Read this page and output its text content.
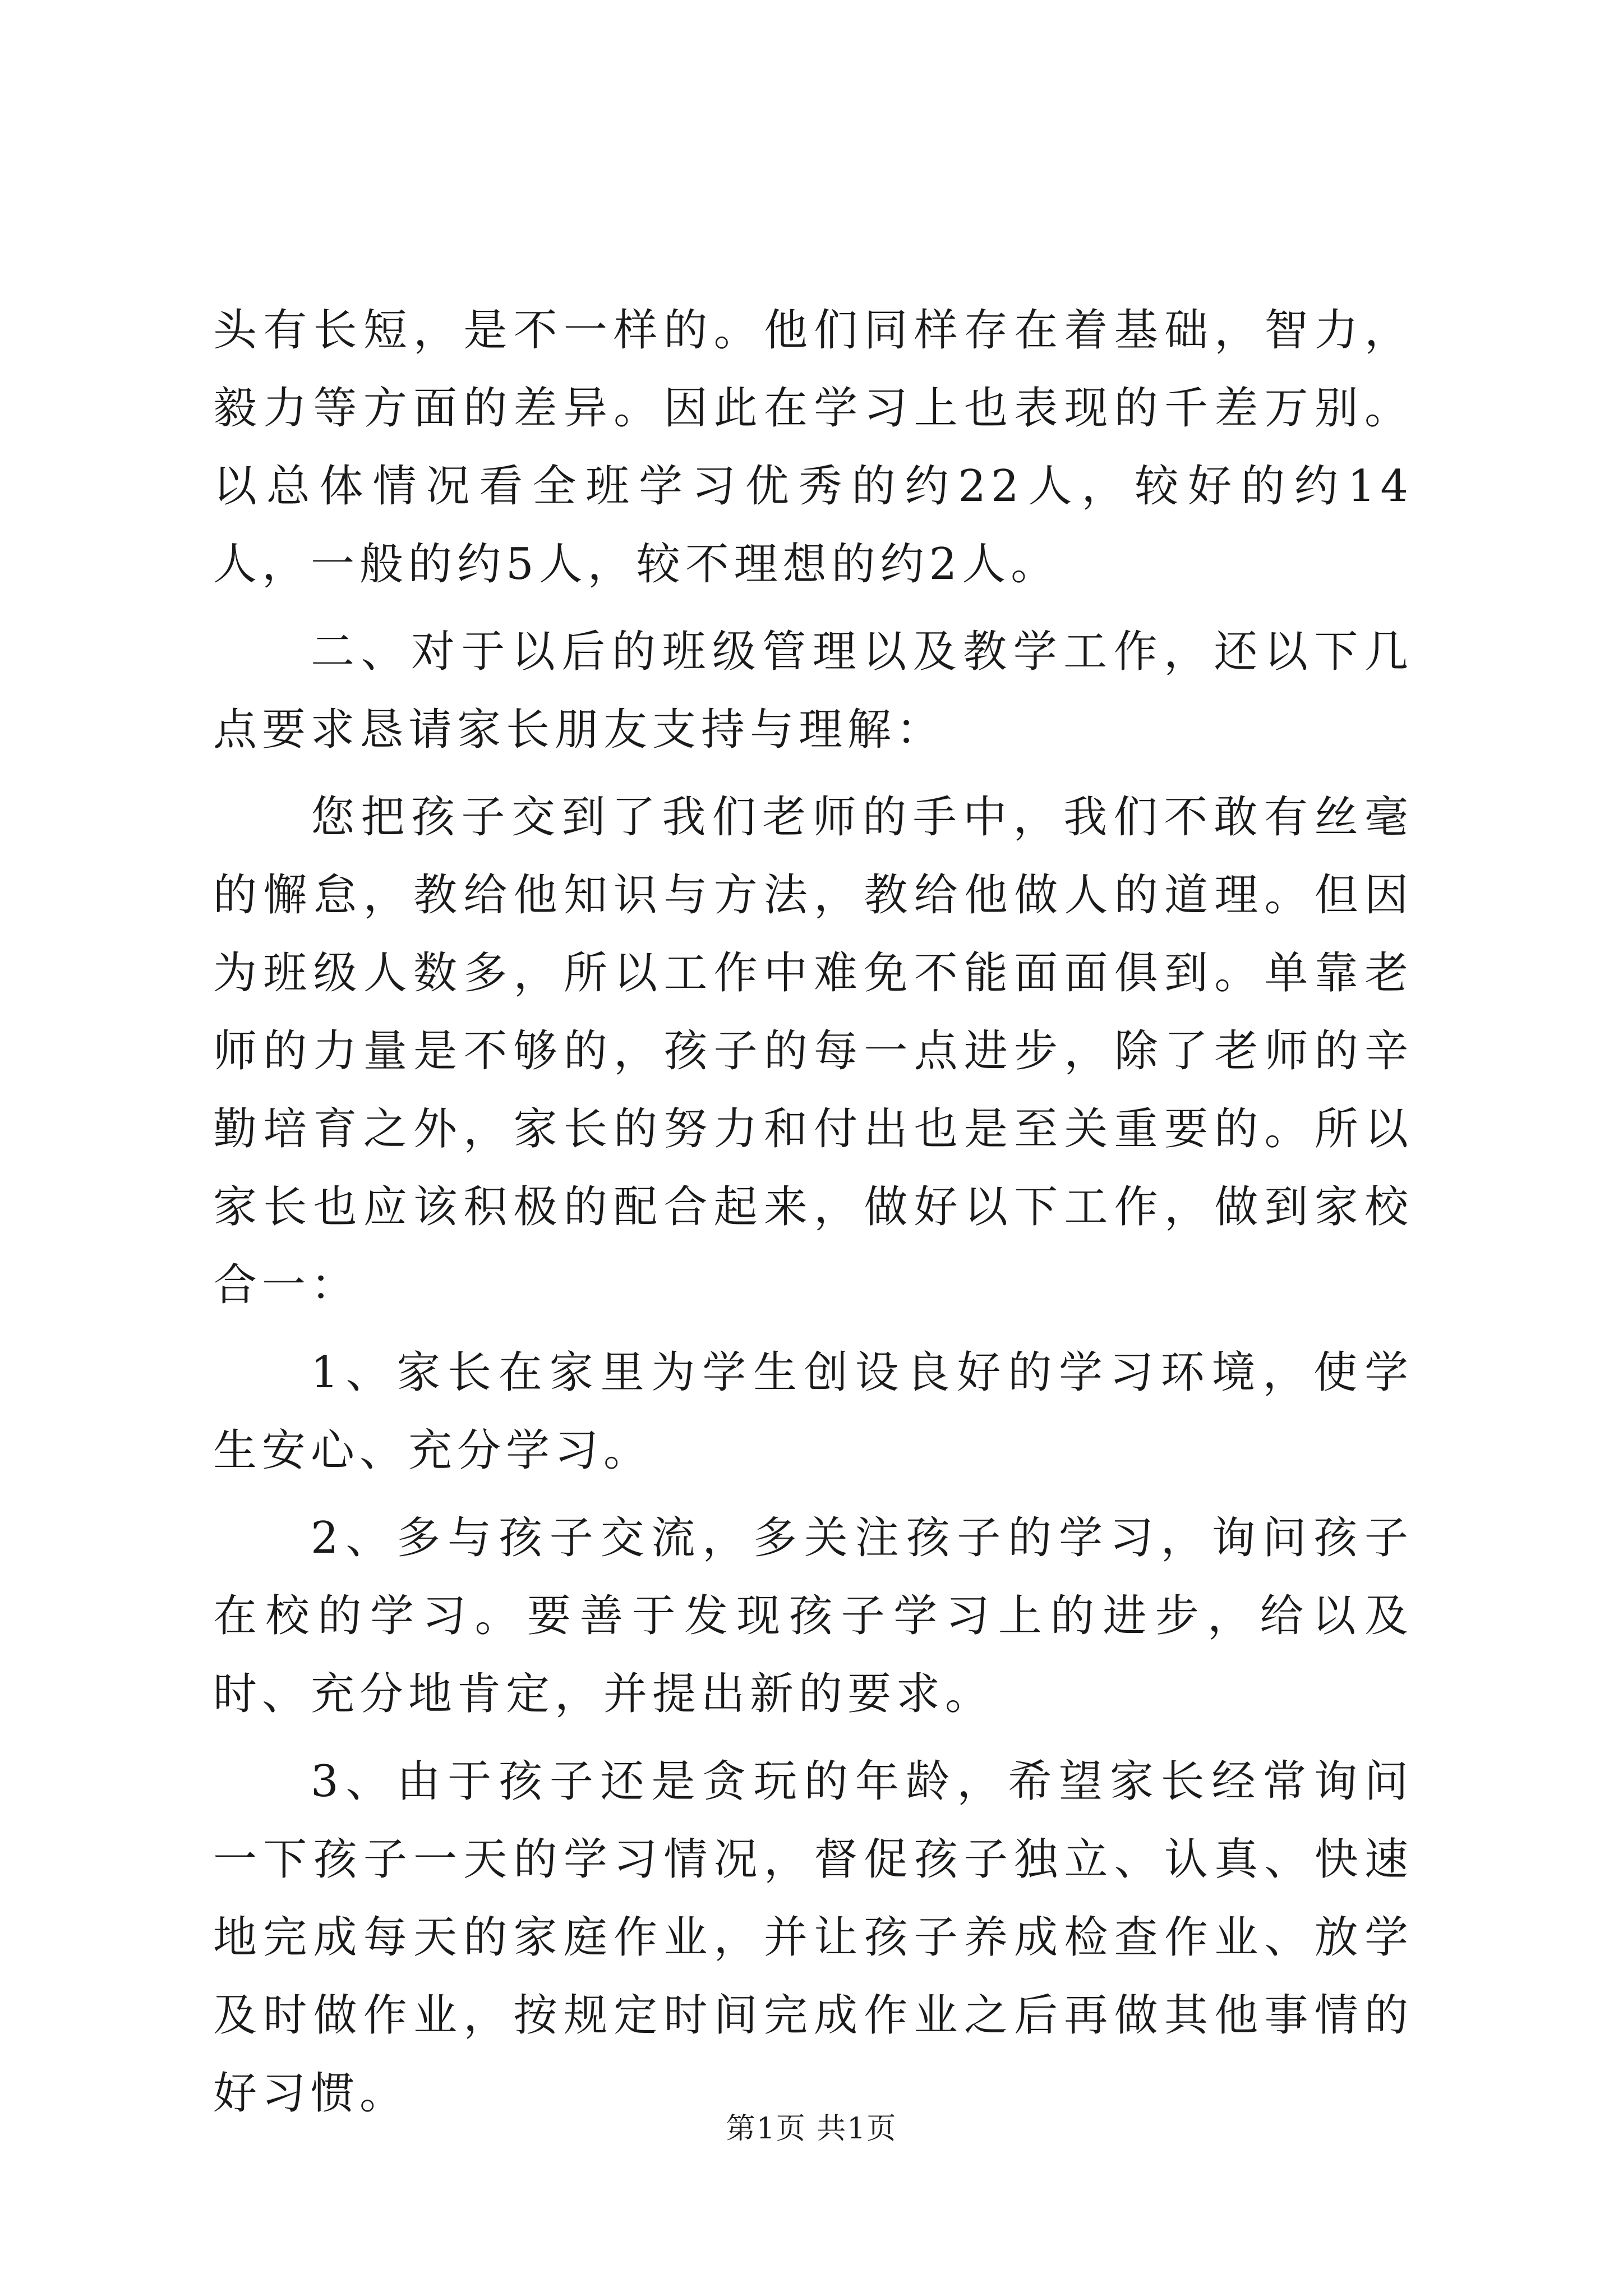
头有长短，是不一样的。他们同样存在着基础，智力，毅力等方面的差异。因此在学习上也表现的千差万别。以总体情况看全班学习优秀的约22人，较好的约14人，一般的约5人，较不理想的约2人。

二、对于以后的班级管理以及教学工作，还以下几点要求恳请家长朋友支持与理解：

您把孩子交到了我们老师的手中，我们不敢有丝毫的懈怠，教给他知识与方法，教给他做人的道理。但因为班级人数多，所以工作中难免不能面面俱到。单靠老师的力量是不够的，孩子的每一点进步，除了老师的辛勤培育之外，家长的努力和付出也是至关重要的。所以家长也应该积极的配合起来，做好以下工作，做到家校合一：

1、家长在家里为学生创设良好的学习环境，使学生安心、充分学习。

2、多与孩子交流，多关注孩子的学习，询问孩子在校的学习。要善于发现孩子学习上的进步，给以及时、充分地肯定，并提出新的要求。

3、由于孩子还是贪玩的年龄，希望家长经常询问一下孩子一天的学习情况，督促孩子独立、认真、快速地完成每天的家庭作业，并让孩子养成检查作业、放学及时做作业，按规定时间完成作业之后再做其他事情的好习惯。

第1页 共1页
